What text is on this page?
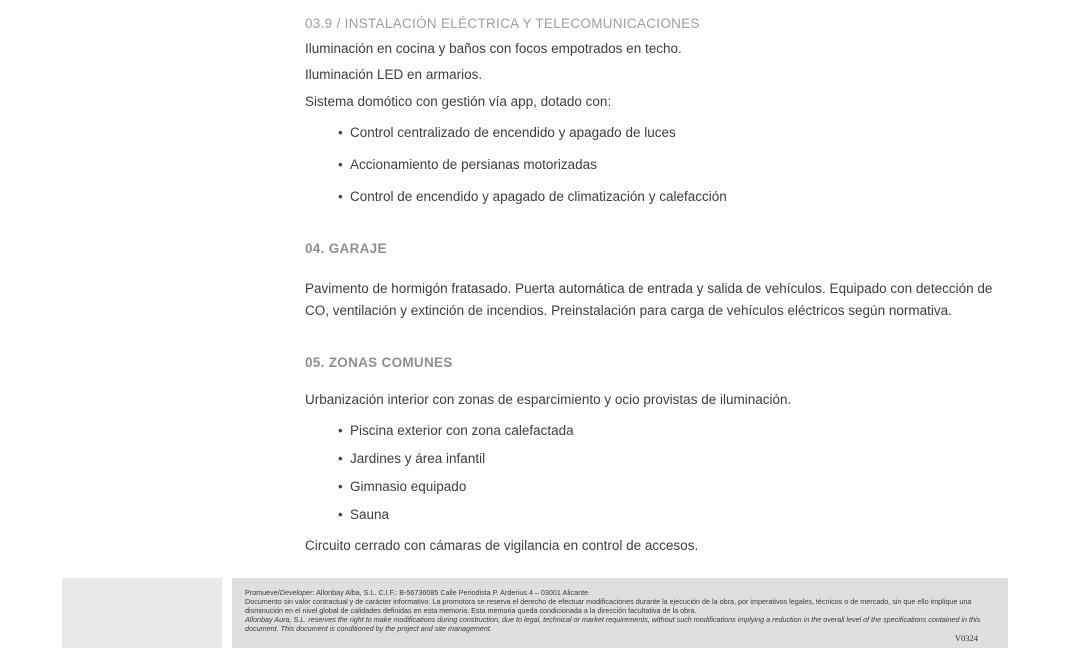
03.9 / INSTALACIÓN ELÉCTRICA Y TELECOMUNICACIONES

Iluminación en cocina y baños con focos empotrados en techo.

Iluminación LED en armarios.

Sistema domótico con gestión vía app, dotado con:

• Control centralizado de encendido y apagado de luces
• Accionamiento de persianas motorizadas
• Control de encendido y apagado de climatización y calefacción
04. GARAJE

Pavimento de hormigón fratasado. Puerta automática de entrada y salida de vehículos. Equipado con detección de CO, ventilación y extinción de incendios. Preinstalación para carga de vehículos eléctricos según normativa.

05. ZONAS COMUNES

Urbanización interior con zonas de esparcimiento y ocio provistas de iluminación.

• Piscina exterior con zona calefactada
• Jardines y área infantil
• Gimnasio equipado
• Sauna

Circuito cerrado con cámaras de vigilancia en control de accesos.

Promueve/Developer: Allonbay Alba, S.L. C.I.F.: B-56736085 Calle Periodista P. Arderius 4 – 03001 Alicante.

Documento sin valor contractual y de carácter informativo. La promotora se reserva el derecho de efectuar modificaciones durante la ejecución de la obra, por imperativos legales, técnicos o de mercado, sin que ello implique una disminución en el nivel global de calidades definidas en esta memoria. Esta memoria queda condicionada a la dirección facultativa de la obra.

Allonbay Aura, S.L. reserves the right to make modifications during construction, due to legal, technical or market requirements, without such modifications implying a reduction in the overall level of the specifications contained in this document. This document is conditioned by the project and site management.

V0324
